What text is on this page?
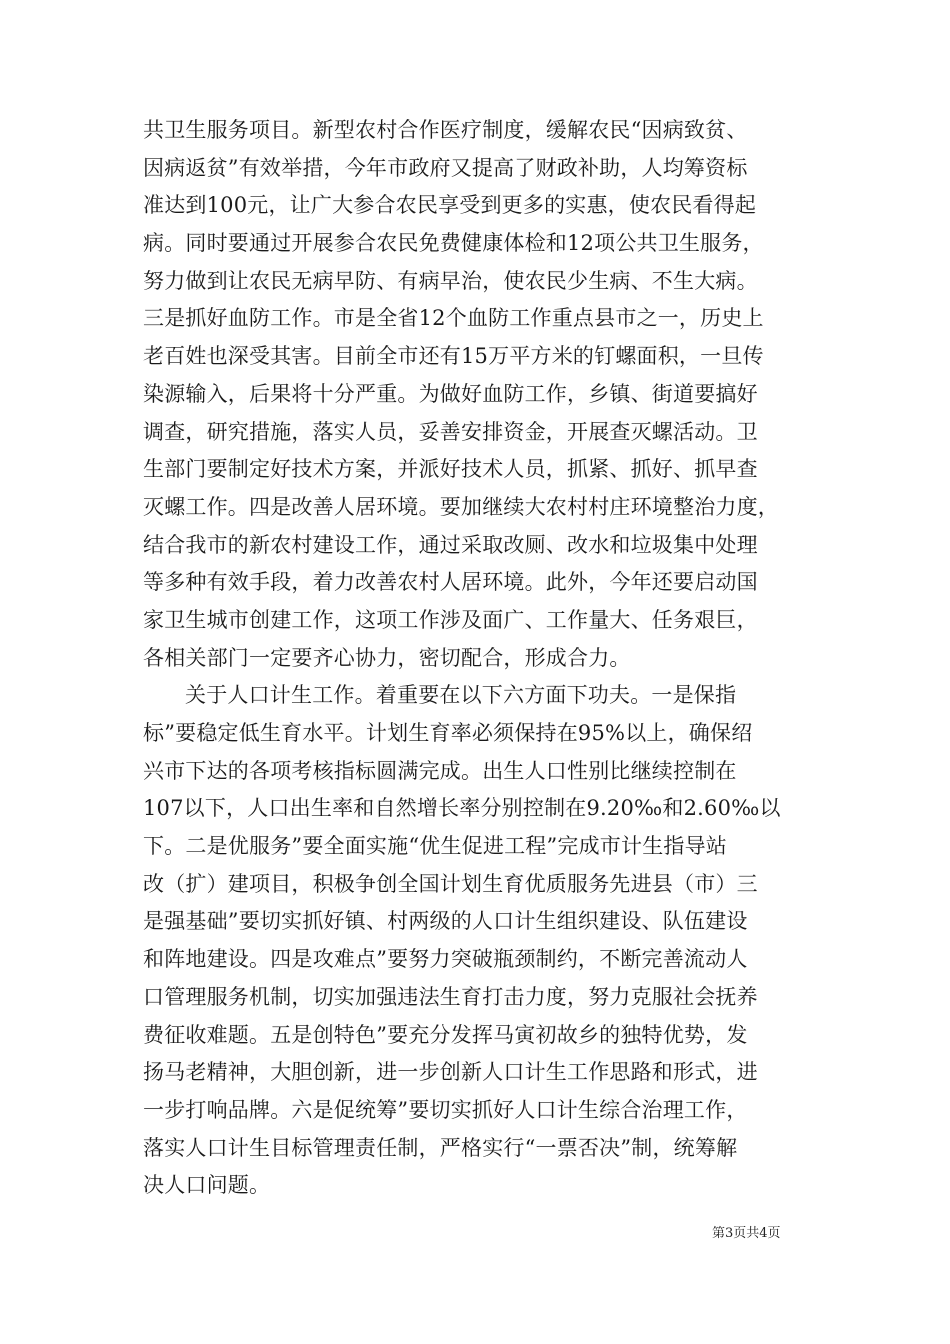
共卫生服务项目。新型农村合作医疗制度，缓解农民“因病致贫、
因病返贫”有效举措，今年市政府又提高了财政补助，人均筹资标
准达到100元，让广大参合农民享受到更多的实惠，使农民看得起
病。同时要通过开展参合农民免费健康体检和12项公共卫生服务，
努力做到让农民无病早防、有病早治，使农民少生病、不生大病。
三是抓好血防工作。市是全省12个血防工作重点县市之一，历史上
老百姓也深受其害。目前全市还有15万平方米的钉螺面积，一旦传
染源输入，后果将十分严重。为做好血防工作，乡镇、街道要搞好
调查，研究措施，落实人员，妥善安排资金，开展查灭螺活动。卫
生部门要制定好技术方案，并派好技术人员，抓紧、抓好、抓早查
灭螺工作。四是改善人居环境。要加继续大农村村庄环境整治力度，
结合我市的新农村建设工作，通过采取改厕、改水和垃圾集中处理
等多种有效手段，着力改善农村人居环境。此外，今年还要启动国
家卫生城市创建工作，这项工作涉及面广、工作量大、任务艰巨，
各相关部门一定要齐心协力，密切配合，形成合力。
关于人口计生工作。着重要在以下六方面下功夫。一是保指
标”要稳定低生育水平。计划生育率必须保持在95%以上，确保绍
兴市下达的各项考核指标圆满完成。出生人口性别比继续控制在
107以下，人口出生率和自然增长率分别控制在9.20‰和2.60‰以
下。二是优服务”要全面实施“优生促进工程”完成市计生指导站
改（扩）建项目，积极争创全国计划生育优质服务先进县（市）三
是强基础”要切实抓好镇、村两级的人口计生组织建设、队伍建设
和阵地建设。四是攻难点”要努力突破瓶颈制约，不断完善流动人
口管理服务机制，切实加强违法生育打击力度，努力克服社会抚养
费征收难题。五是创特色”要充分发挥马寅初故乡的独特优势，发
扬马老精神，大胆创新，进一步创新人口计生工作思路和形式，进
一步打响品牌。六是促统筹”要切实抓好人口计生综合治理工作，
落实人口计生目标管理责任制，严格实行“一票否决”制，统筹解
决人口问题。
第3页共4页
